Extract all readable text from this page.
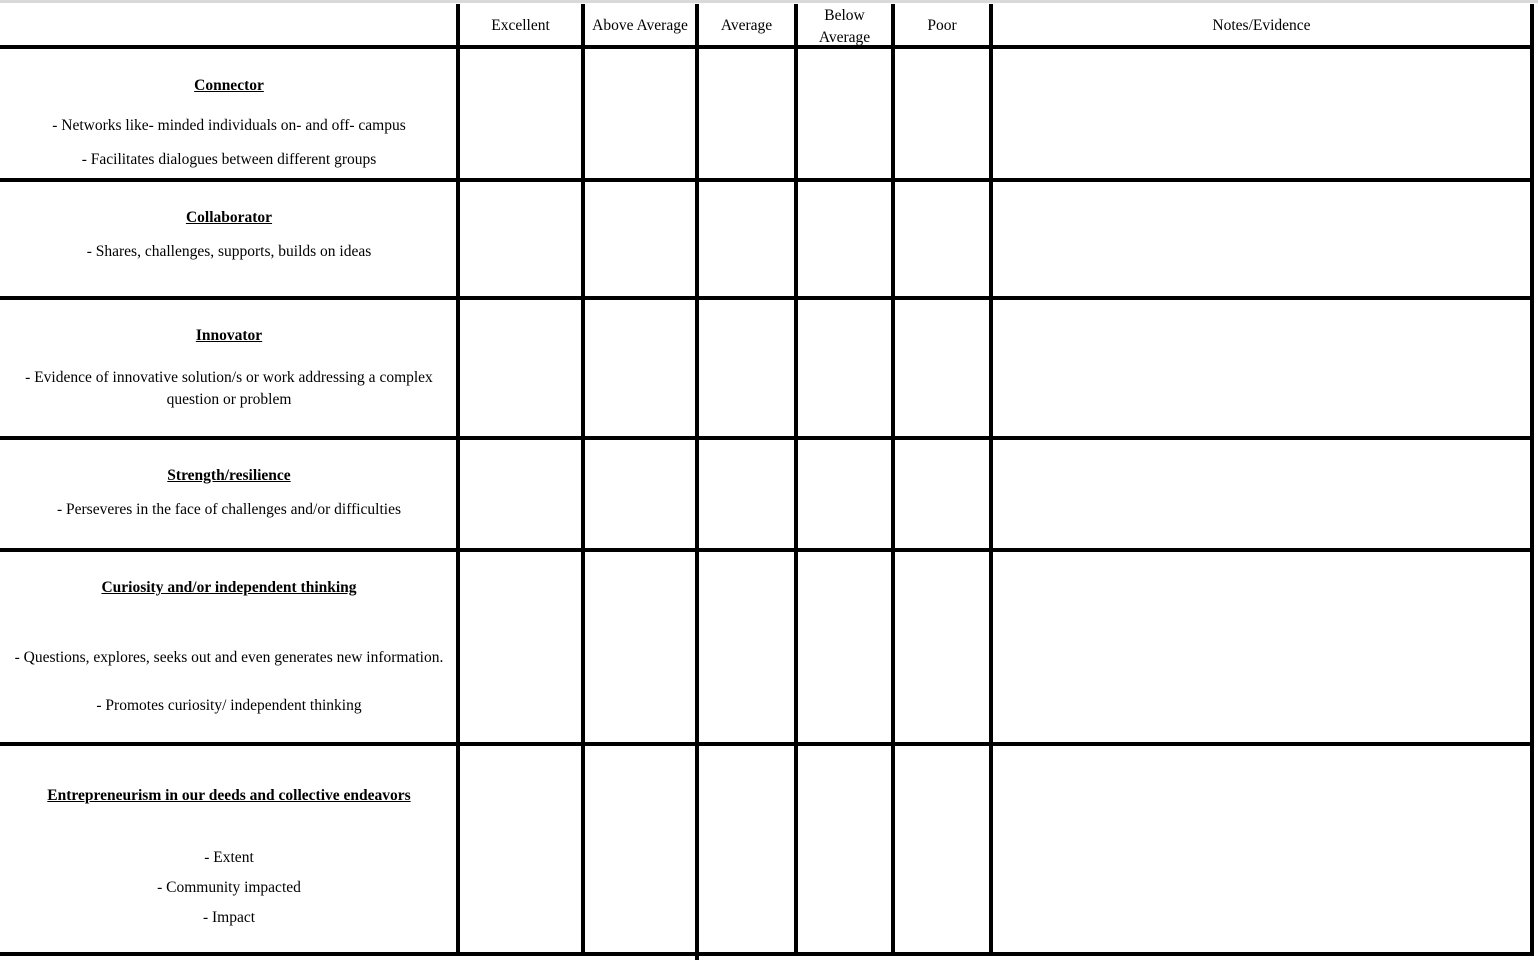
Excellent	Above Average Average
Below
Average
Poor	Notes/Evidence
Connector
- Networks like- minded individuals on- and off- campus
- Facilitates dialogues between different groups
Collaborator
- Shares, challenges, supports, builds on ideas
Innovator
- Evidence of innovative solution/s or work addressing a complex question or problem
Strength/resilience
- Perseveres in the face of challenges and/or difficulties
Curiosity and/or independent thinking
- Questions, explores, seeks out and even generates new information.
- Promotes curiosity/ independent thinking
Entrepreneurism in our deeds and collective endeavors
- Extent
- Community impacted
- Impact
